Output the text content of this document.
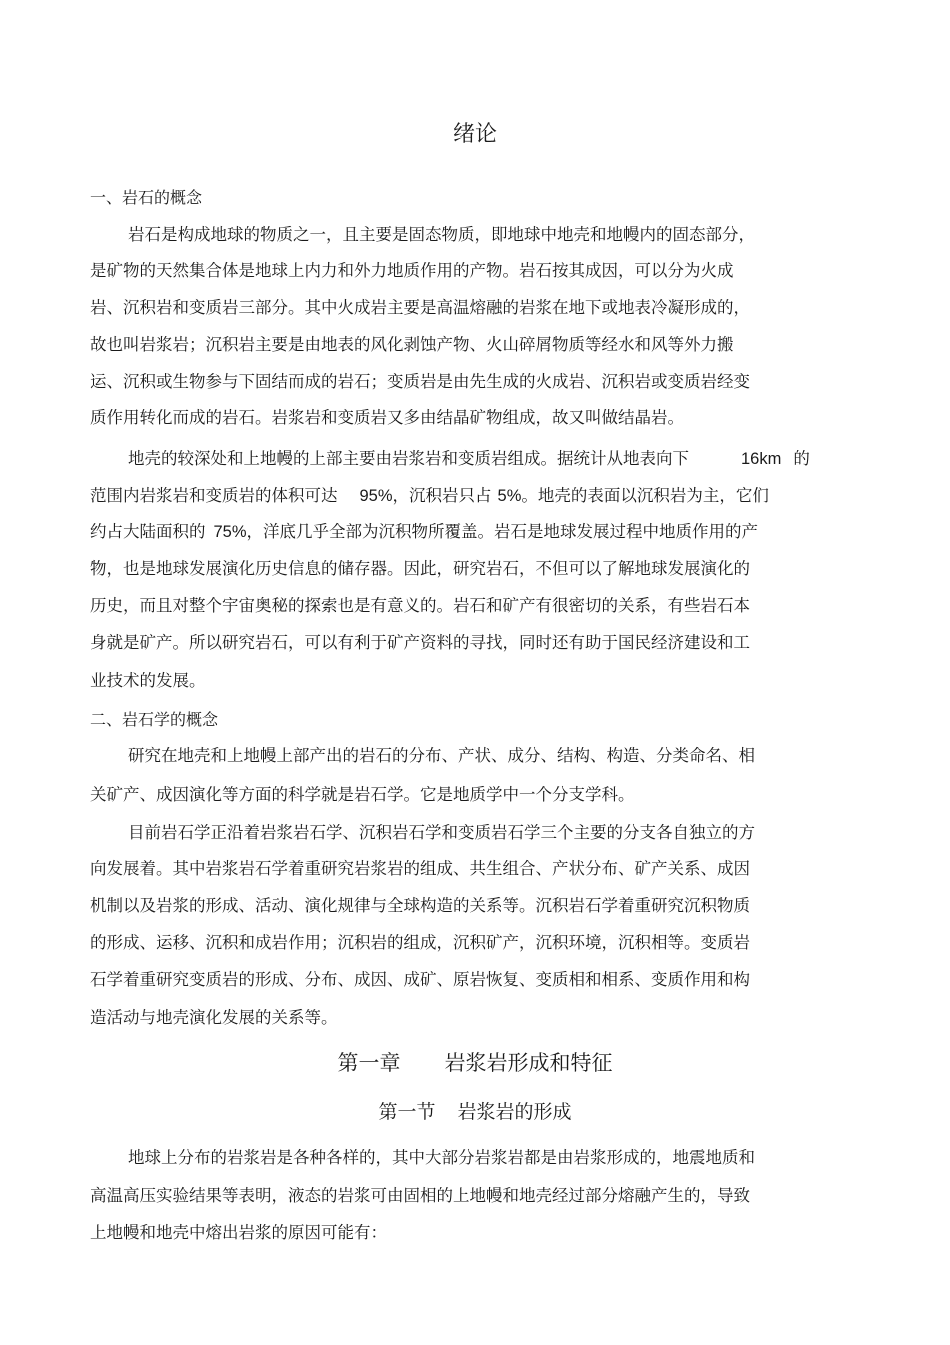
绪论
一、岩石的概念
岩石是构成地球的物质之一，且主要是固态物质，即地球中地壳和地幔内的固态部分，
是矿物的天然集合体是地球上内力和外力地质作用的产物。岩石按其成因，可以分为火成
岩、沉积岩和变质岩三部分。其中火成岩主要是高温熔融的岩浆在地下或地表冷凝形成的，
故也叫岩浆岩；沉积岩主要是由地表的风化剥蚀产物、火山碎屑物质等经水和风等外力搬
运、沉积或生物参与下固结而成的岩石；变质岩是由先生成的火成岩、沉积岩或变质岩经变
质作用转化而成的岩石。岩浆岩和变质岩又多由结晶矿物组成，故又叫做结晶岩。
地壳的较深处和上地幔的上部主要由岩浆岩和变质岩组成。据统计从地表向下	16km 的
范围内岩浆岩和变质岩的体积可达 95%，沉积岩只占 5%。地壳的表面以沉积岩为主，它们
约占大陆面积的 75%，洋底几乎全部为沉积物所覆盖。岩石是地球发展过程中地质作用的产
物，也是地球发展演化历史信息的储存器。因此，研究岩石，不但可以了解地球发展演化的
历史，而且对整个宇宙奥秘的探索也是有意义的。岩石和矿产有很密切的关系，有些岩石本
身就是矿产。所以研究岩石，可以有利于矿产资料的寻找，同时还有助于国民经济建设和工
业技术的发展。
二、岩石学的概念
研究在地壳和上地幔上部产出的岩石的分布、产状、成分、结构、构造、分类命名、相
关矿产、成因演化等方面的科学就是岩石学。它是地质学中一个分支学科。
目前岩石学正沿着岩浆岩石学、沉积岩石学和变质岩石学三个主要的分支各自独立的方
向发展着。其中岩浆岩石学着重研究岩浆岩的组成、共生组合、产状分布、矿产关系、成因
机制以及岩浆的形成、活动、演化规律与全球构造的关系等。沉积岩石学着重研究沉积物质
的形成、运移、沉积和成岩作用；沉积岩的组成，沉积矿产，沉积环境，沉积相等。变质岩
石学着重研究变质岩的形成、分布、成因、成矿、原岩恢复、变质相和相系、变质作用和构
造活动与地壳演化发展的关系等。
第一章 岩浆岩形成和特征
第一节 岩浆岩的形成
地球上分布的岩浆岩是各种各样的，其中大部分岩浆岩都是由岩浆形成的，地震地质和
高温高压实验结果等表明，液态的岩浆可由固相的上地幔和地壳经过部分熔融产生的，导致
上地幔和地壳中熔出岩浆的原因可能有：
